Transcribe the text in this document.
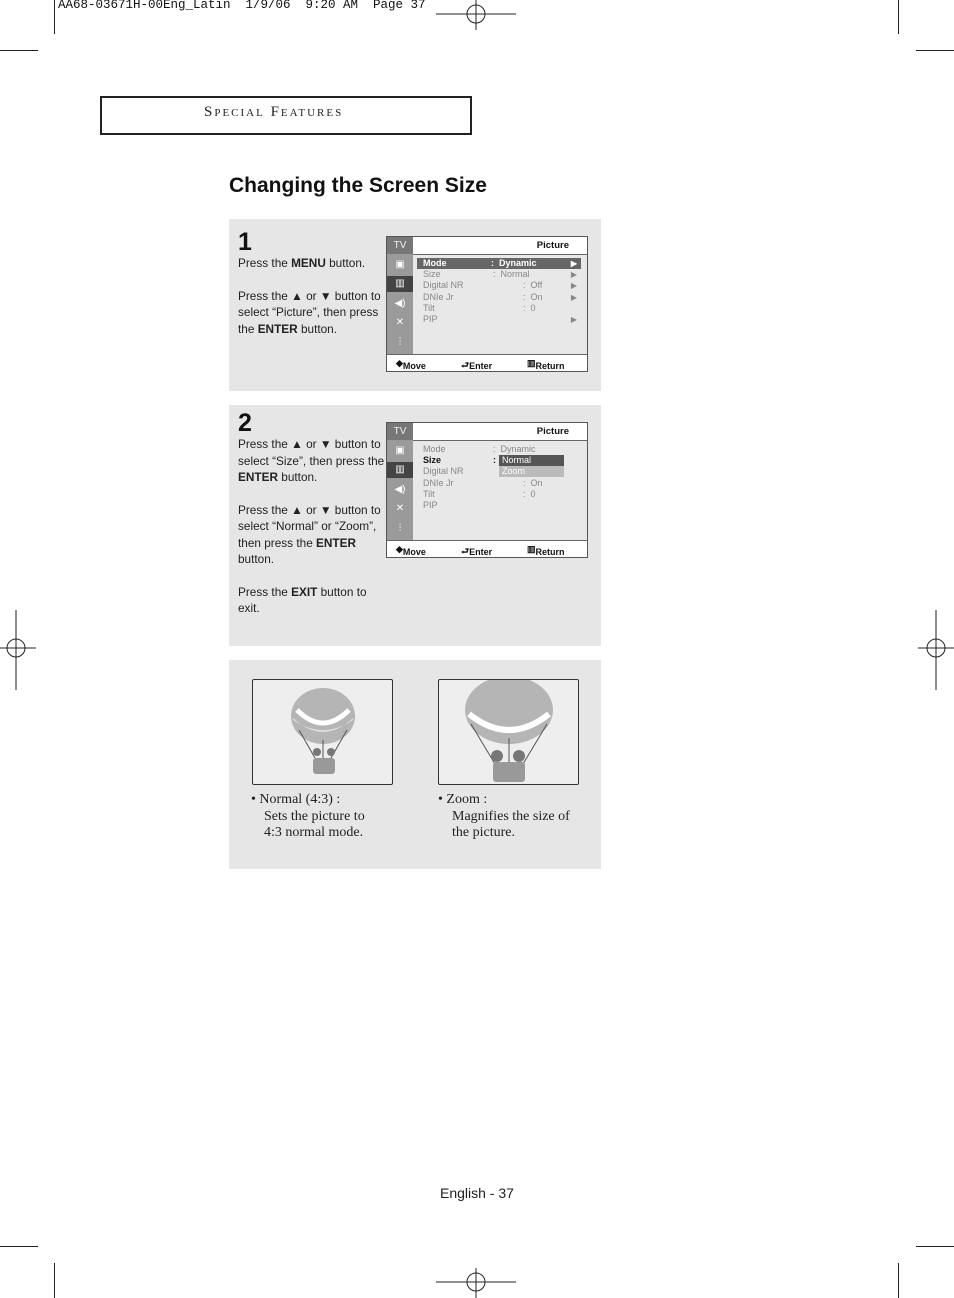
AA68-03671H-00Eng_Latin  1/9/06  9:20 AM  Page 37
Special Features
Changing the Screen Size
1

Press the MENU button.

Press the ▲ or ▼ button to select “Picture”, then press the ENTER button.

TV
▣
▥
◀)
✕
⫶
Picture
Mode	: Dynamic	▶
Size	: Normal	▶
Digital NR	: Off	▶
DNIe Jr	: On	▶
Tilt	: 0
PIP	▶
◆ Move	⮐ Enter	▥ Return
2

Press the ▲ or ▼ button to select “Size”, then press the ENTER button.

Press the ▲ or ▼ button to select “Normal” or “Zoom”, then press the ENTER button.

Press the EXIT button to exit.

TV
▣
▥
◀)
✕
⫶
Picture
Mode	: Dynamic
Size	: Normal
Zoom
Digital NR
DNIe Jr	: On
Tilt	: 0
PIP
◆ Move	⮐ Enter	▥ Return
• Normal (4:3) :
Sets the picture to
4:3 normal mode.
• Zoom :
Magnifies the size of
the picture.
English - 37
